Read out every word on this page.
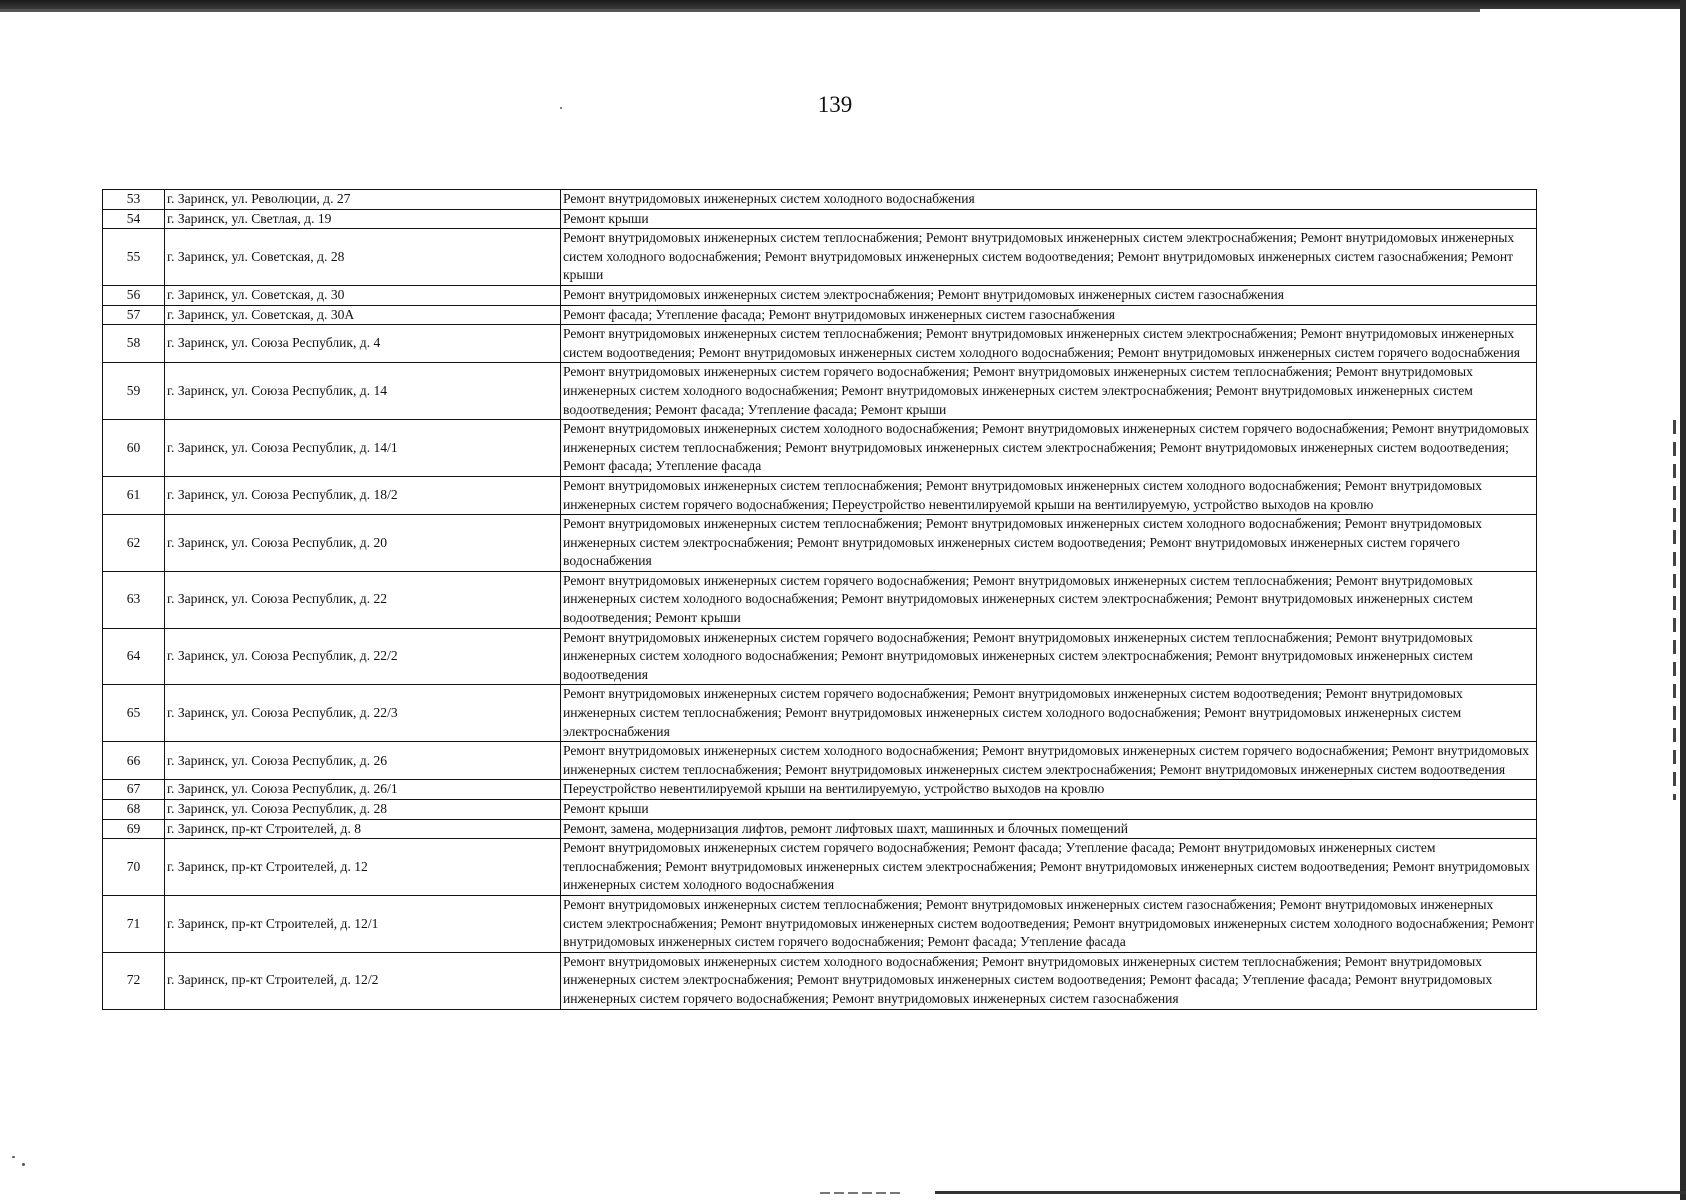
139
53	г. Заринск, ул. Революции, д. 27	Ремонт внутридомовых инженерных систем холодного водоснабжения
54	г. Заринск, ул. Светлая, д. 19	Ремонт крыши
55	г. Заринск, ул. Советская, д. 28	Ремонт внутридомовых инженерных систем теплоснабжения; Ремонт внутридомовых инженерных систем электроснабжения; Ремонт внутридомовых инженерных систем холодного водоснабжения; Ремонт внутридомовых инженерных систем водоотведения; Ремонт внутридомовых инженерных систем газоснабжения; Ремонт крыши
56	г. Заринск, ул. Советская, д. 30	Ремонт внутридомовых инженерных систем электроснабжения; Ремонт внутридомовых инженерных систем газоснабжения
57	г. Заринск, ул. Советская, д. 30А	Ремонт фасада; Утепление фасада; Ремонт внутридомовых инженерных систем газоснабжения
58	г. Заринск, ул. Союза Республик, д. 4	Ремонт внутридомовых инженерных систем теплоснабжения; Ремонт внутридомовых инженерных систем электроснабжения; Ремонт внутридомовых инженерных систем водоотведения; Ремонт внутридомовых инженерных систем холодного водоснабжения; Ремонт внутридомовых инженерных систем горячего водоснабжения
59	г. Заринск, ул. Союза Республик, д. 14	Ремонт внутридомовых инженерных систем горячего водоснабжения; Ремонт внутридомовых инженерных систем теплоснабжения; Ремонт внутридомовых инженерных систем холодного водоснабжения; Ремонт внутридомовых инженерных систем электроснабжения; Ремонт внутридомовых инженерных систем водоотведения; Ремонт фасада; Утепление фасада; Ремонт крыши
60	г. Заринск, ул. Союза Республик, д. 14/1	Ремонт внутридомовых инженерных систем холодного водоснабжения; Ремонт внутридомовых инженерных систем горячего водоснабжения; Ремонт внутридомовых инженерных систем теплоснабжения; Ремонт внутридомовых инженерных систем электроснабжения; Ремонт внутридомовых инженерных систем водоотведения; Ремонт фасада; Утепление фасада
61	г. Заринск, ул. Союза Республик, д. 18/2	Ремонт внутридомовых инженерных систем теплоснабжения; Ремонт внутридомовых инженерных систем холодного водоснабжения; Ремонт внутридомовых инженерных систем горячего водоснабжения; Переустройство невентилируемой крыши на вентилируемую, устройство выходов на кровлю
62	г. Заринск, ул. Союза Республик, д. 20	Ремонт внутридомовых инженерных систем теплоснабжения; Ремонт внутридомовых инженерных систем холодного водоснабжения; Ремонт внутридомовых инженерных систем электроснабжения; Ремонт внутридомовых инженерных систем водоотведения; Ремонт внутридомовых инженерных систем горячего водоснабжения
63	г. Заринск, ул. Союза Республик, д. 22	Ремонт внутридомовых инженерных систем горячего водоснабжения; Ремонт внутридомовых инженерных систем теплоснабжения; Ремонт внутридомовых инженерных систем холодного водоснабжения; Ремонт внутридомовых инженерных систем электроснабжения; Ремонт внутридомовых инженерных систем водоотведения; Ремонт крыши
64	г. Заринск, ул. Союза Республик, д. 22/2	Ремонт внутридомовых инженерных систем горячего водоснабжения; Ремонт внутридомовых инженерных систем теплоснабжения; Ремонт внутридомовых инженерных систем холодного водоснабжения; Ремонт внутридомовых инженерных систем электроснабжения; Ремонт внутридомовых инженерных систем водоотведения
65	г. Заринск, ул. Союза Республик, д. 22/3	Ремонт внутридомовых инженерных систем горячего водоснабжения; Ремонт внутридомовых инженерных систем водоотведения; Ремонт внутридомовых инженерных систем теплоснабжения; Ремонт внутридомовых инженерных систем холодного водоснабжения; Ремонт внутридомовых инженерных систем электроснабжения
66	г. Заринск, ул. Союза Республик, д. 26	Ремонт внутридомовых инженерных систем холодного водоснабжения; Ремонт внутридомовых инженерных систем горячего водоснабжения; Ремонт внутридомовых инженерных систем теплоснабжения; Ремонт внутридомовых инженерных систем электроснабжения; Ремонт внутридомовых инженерных систем водоотведения
67	г. Заринск, ул. Союза Республик, д. 26/1	Переустройство невентилируемой крыши на вентилируемую, устройство выходов на кровлю
68	г. Заринск, ул. Союза Республик, д. 28	Ремонт крыши
69	г. Заринск, пр-кт Строителей, д. 8	Ремонт, замена, модернизация лифтов, ремонт лифтовых шахт, машинных и блочных помещений
70	г. Заринск, пр-кт Строителей, д. 12	Ремонт внутридомовых инженерных систем горячего водоснабжения; Ремонт фасада; Утепление фасада; Ремонт внутридомовых инженерных систем теплоснабжения; Ремонт внутридомовых инженерных систем электроснабжения; Ремонт внутридомовых инженерных систем водоотведения; Ремонт внутридомовых инженерных систем холодного водоснабжения
71	г. Заринск, пр-кт Строителей, д. 12/1	Ремонт внутридомовых инженерных систем теплоснабжения; Ремонт внутридомовых инженерных систем газоснабжения; Ремонт внутридомовых инженерных систем электроснабжения; Ремонт внутридомовых инженерных систем водоотведения; Ремонт внутридомовых инженерных систем холодного водоснабжения; Ремонт внутридомовых инженерных систем горячего водоснабжения; Ремонт фасада; Утепление фасада
72	г. Заринск, пр-кт Строителей, д. 12/2	Ремонт внутридомовых инженерных систем холодного водоснабжения; Ремонт внутридомовых инженерных систем теплоснабжения; Ремонт внутридомовых инженерных систем электроснабжения; Ремонт внутридомовых инженерных систем водоотведения; Ремонт фасада; Утепление фасада; Ремонт внутридомовых инженерных систем горячего водоснабжения; Ремонт внутридомовых инженерных систем газоснабжения
